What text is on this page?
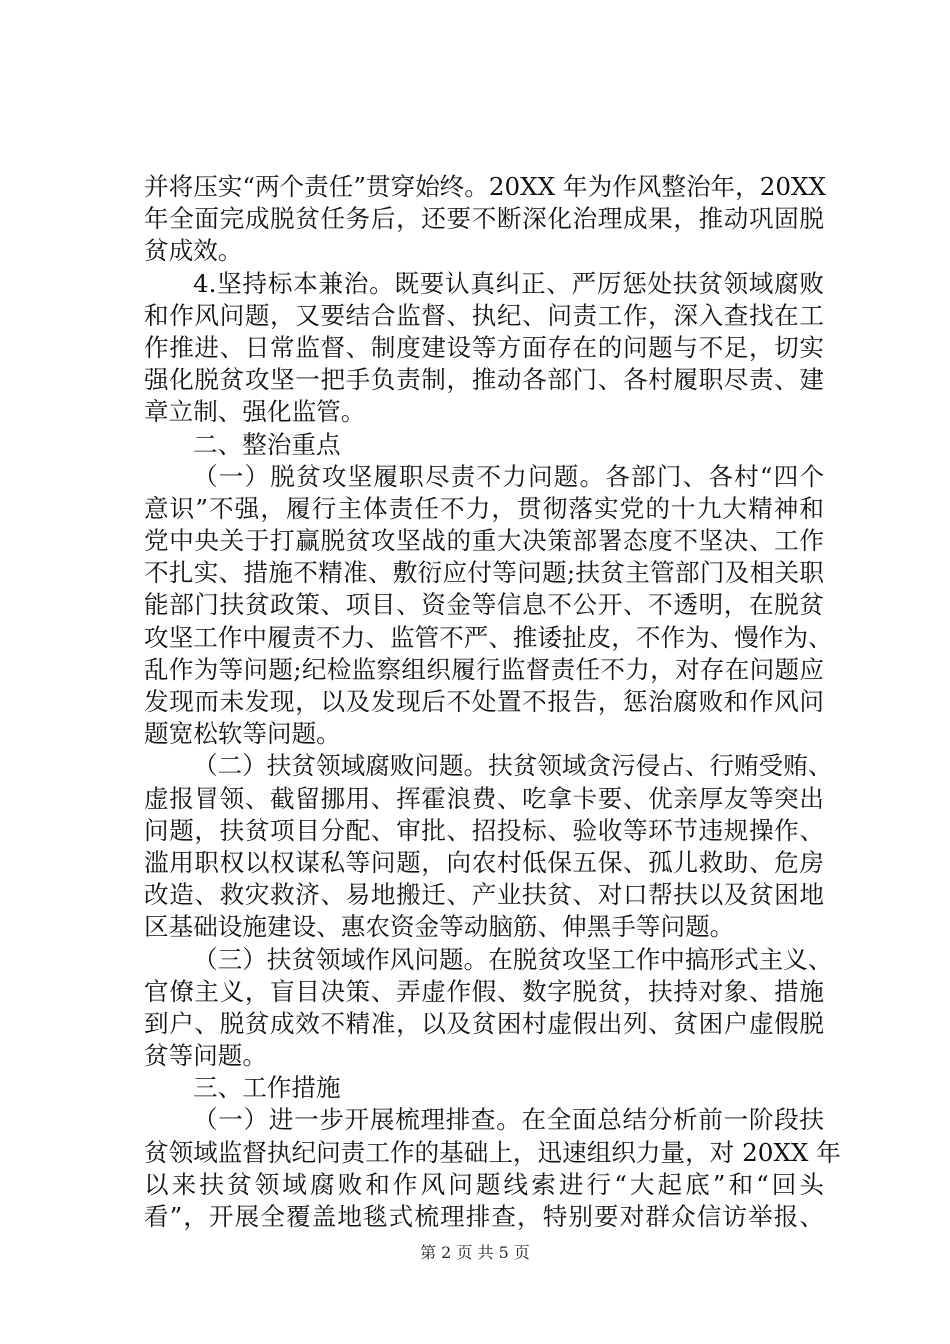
并将压实“两个责任”贯穿始终。20XX 年为作风整治年，20XX
年全面完成脱贫任务后，还要不断深化治理成果，推动巩固脱
贫成效。
4.坚持标本兼治。既要认真纠正、严厉惩处扶贫领域腐败
和作风问题，又要结合监督、执纪、问责工作，深入查找在工
作推进、日常监督、制度建设等方面存在的问题与不足，切实
强化脱贫攻坚一把手负责制，推动各部门、各村履职尽责、建
章立制、强化监管。
二、整治重点
（一）脱贫攻坚履职尽责不力问题。各部门、各村“四个
意识”不强，履行主体责任不力，贯彻落实党的十九大精神和
党中央关于打赢脱贫攻坚战的重大决策部署态度不坚决、工作
不扎实、措施不精准、敷衍应付等问题;扶贫主管部门及相关职
能部门扶贫政策、项目、资金等信息不公开、不透明，在脱贫
攻坚工作中履责不力、监管不严、推诿扯皮，不作为、慢作为、
乱作为等问题;纪检监察组织履行监督责任不力，对存在问题应
发现而未发现，以及发现后不处置不报告，惩治腐败和作风问
题宽松软等问题。
（二）扶贫领域腐败问题。扶贫领域贪污侵占、行贿受贿、
虚报冒领、截留挪用、挥霍浪费、吃拿卡要、优亲厚友等突出
问题，扶贫项目分配、审批、招投标、验收等环节违规操作、
滥用职权以权谋私等问题，向农村低保五保、孤儿救助、危房
改造、救灾救济、易地搬迁、产业扶贫、对口帮扶以及贫困地
区基础设施建设、惠农资金等动脑筋、伸黑手等问题。
（三）扶贫领域作风问题。在脱贫攻坚工作中搞形式主义、
官僚主义，盲目决策、弄虚作假、数字脱贫，扶持对象、措施
到户、脱贫成效不精准，以及贫困村虚假出列、贫困户虚假脱
贫等问题。
三、工作措施
（一）进一步开展梳理排查。在全面总结分析前一阶段扶
贫领域监督执纪问责工作的基础上，迅速组织力量，对 20XX 年
以来扶贫领域腐败和作风问题线索进行“大起底”和“回头
看”，开展全覆盖地毯式梳理排查，特别要对群众信访举报、
第 2 页 共 5 页
